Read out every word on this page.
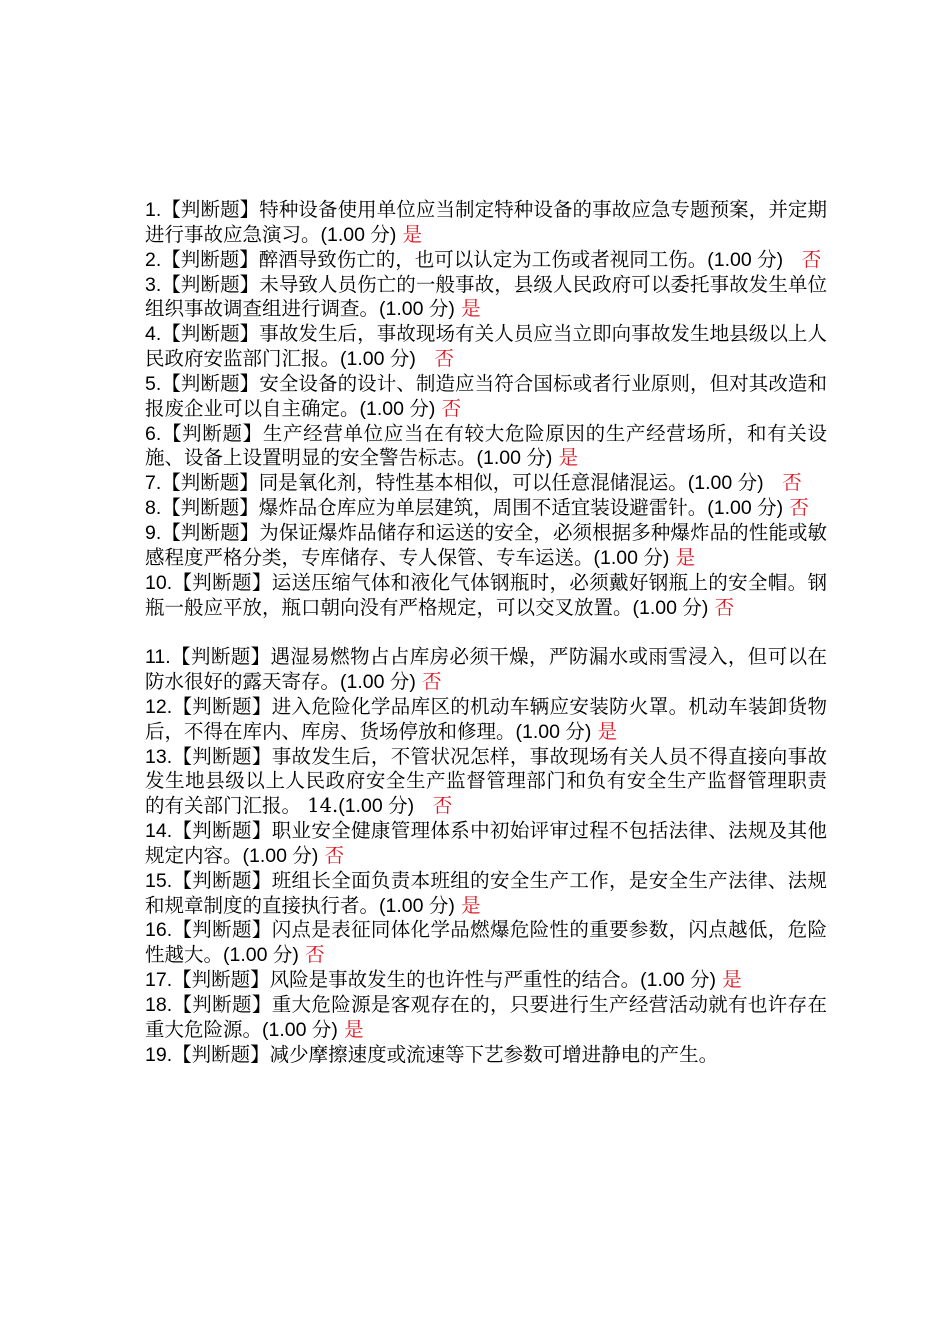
1.【判断题】特种设备使用单位应当制定特种设备的事故应急专题预案，并定期进行事故应急演习。(1.00 分) 是

2.【判断题】醉酒导致伤亡的，也可以认定为工伤或者视同工伤。(1.00 分) 否

3.【判断题】未导致人员伤亡的一般事故，县级人民政府可以委托事故发生单位组织事故调查组进行调查。(1.00 分) 是

4.【判断题】事故发生后，事故现场有关人员应当立即向事故发生地县级以上人民政府安监部门汇报。(1.00 分) 否

5.【判断题】安全设备的设计、制造应当符合国标或者行业原则，但对其改造和报废企业可以自主确定。(1.00 分) 否

6.【判断题】生产经营单位应当在有较大危险原因的生产经营场所，和有关设施、设备上设置明显的安全警告标志。(1.00 分) 是

7.【判断题】同是氧化剂，特性基本相似，可以任意混储混运。(1.00 分) 否

8.【判断题】爆炸品仓库应为单层建筑，周围不适宜装设避雷针。(1.00 分) 否

9.【判断题】为保证爆炸品储存和运送的安全，必须根据多种爆炸品的性能或敏感程度严格分类，专库储存、专人保管、专车运送。(1.00 分) 是

10.【判断题】运送压缩气体和液化气体钢瓶时，必须戴好钢瓶上的安全帽。钢瓶一般应平放，瓶口朝向没有严格规定，可以交叉放置。(1.00 分) 否

11.【判断题】遇湿易燃物占占库房必须干燥，严防漏水或雨雪浸入，但可以在防水很好的露天寄存。(1.00 分) 否

12.【判断题】进入危险化学品库区的机动车辆应安装防火罩。机动车装卸货物后，不得在库内、库房、货场停放和修理。(1.00 分) 是

13.【判断题】事故发生后，不管状况怎样，事故现场有关人员不得直接向事故发生地县级以上人民政府安全生产监督管理部门和负有安全生产监督管理职责的有关部门汇报。 14.(1.00 分) 否

14.【判断题】职业安全健康管理体系中初始评审过程不包括法律、法规及其他规定内容。(1.00 分) 否

15.【判断题】班组长全面负责本班组的安全生产工作，是安全生产法律、法规和规章制度的直接执行者。(1.00 分) 是

16.【判断题】闪点是表征同体化学品燃爆危险性的重要参数，闪点越低，危险性越大。(1.00 分) 否

17.【判断题】风险是事故发生的也许性与严重性的结合。(1.00 分) 是

18.【判断题】重大危险源是客观存在的，只要进行生产经营活动就有也许存在重大危险源。(1.00 分) 是

19.【判断题】减少摩擦速度或流速等下艺参数可增进静电的产生。
